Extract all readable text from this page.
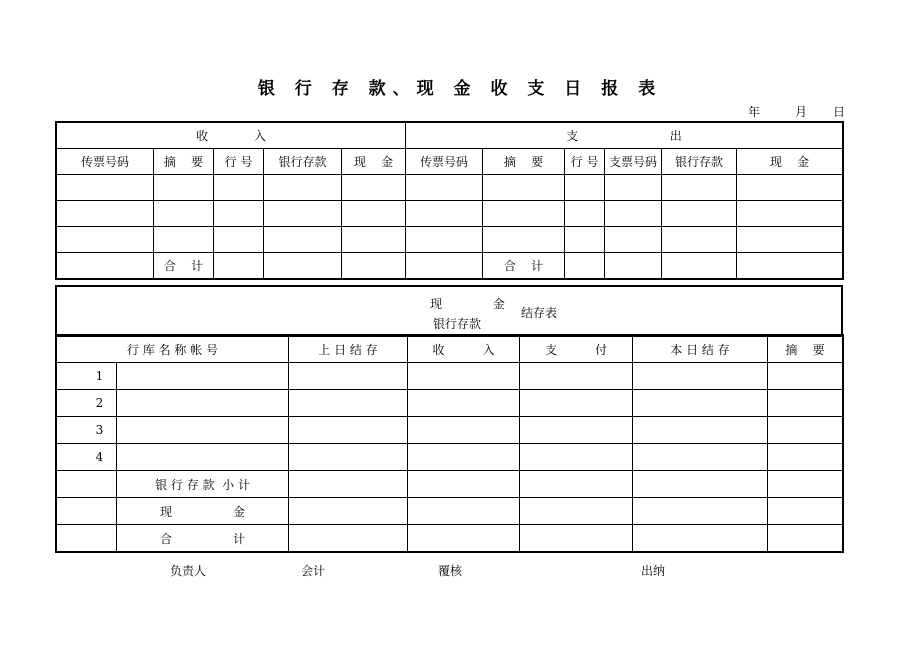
银 行 存 款、现 金 收 支 日 报 表
年	月 日
收            入					支                        出					
传票号码	摘    要	行 号	银行存款	现    金	传票号码	摘    要	行 号	支票号码	银行存款	现    金

	合    计					合    计				
现      金
银行存款
结存表
行 库 名 称 帐 号		上 日 结 存	收          入	支          付	本 日 结 存	摘    要
1						
2						
3						
4						
	银 行 存 款  小 计					
	现                金					
	合                计					
负责人	会计	覆核	出纳
